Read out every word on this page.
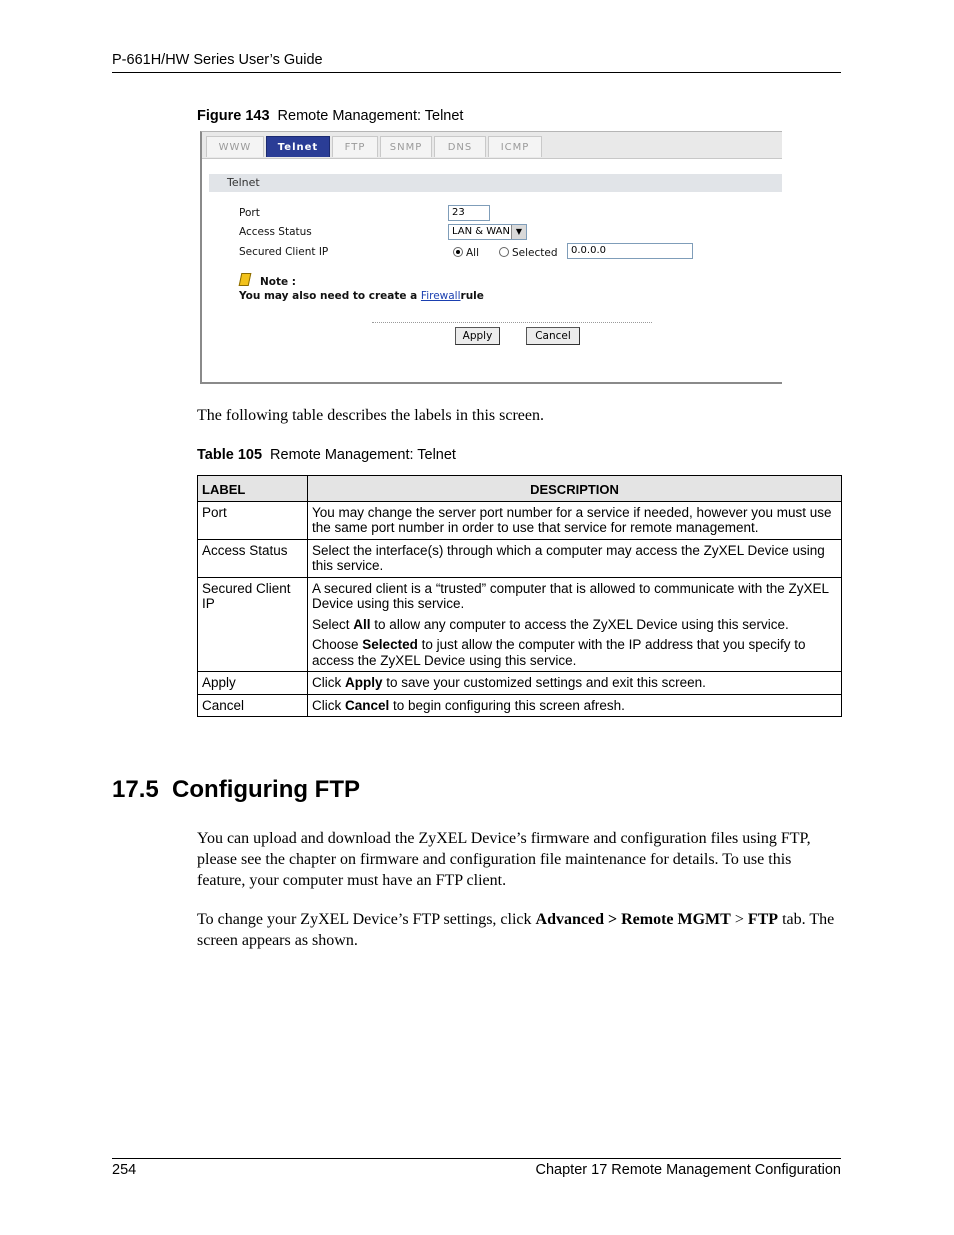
P-661H/HW Series User’s Guide
Figure 143 Remote Management: Telnet
WWW	Telnet	FTP	SNMP	DNS	ICMP
Telnet
Port	23
Access Status	LAN & WAN ▼
Secured Client IP	All	Selected	0.0.0.0
Note :
You may also need to create a Firewallrule
Apply	Cancel
The following table describes the labels in this screen.
Table 105 Remote Management: Telnet
LABEL	DESCRIPTION
Port	You may change the server port number for a service if needed, however you must use the same port number in order to use that service for remote management.

Access Status	Select the interface(s) through which a computer may access the ZyXEL Device using this service.

Secured Client IP	A secured client is a “trusted” computer that is allowed to communicate with the ZyXEL Device using this service.

Select All to allow any computer to access the ZyXEL Device using this service.

Choose Selected to just allow the computer with the IP address that you specify to access the ZyXEL Device using this service.

Apply	Click Apply to save your customized settings and exit this screen.
Cancel	Click Cancel to begin configuring this screen afresh.
17.5  Configuring FTP
You can upload and download the ZyXEL Device’s firmware and configuration files using FTP, please see the chapter on firmware and configuration file maintenance for details. To use this feature, your computer must have an FTP client.
To change your ZyXEL Device’s FTP settings, click Advanced > Remote MGMT > FTP tab. The screen appears as shown.
254	Chapter 17 Remote Management Configuration
